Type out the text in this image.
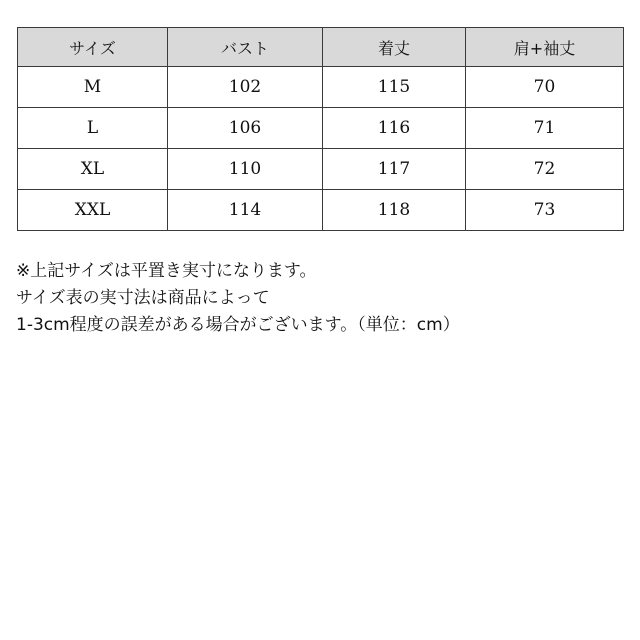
サイズ	バスト	着丈	肩+袖丈
M	102	115	70
L	106	116	71
XL	110	117	72
XXL	114	118	73
※上記サイズは平置き実寸になります。
サイズ表の実寸法は商品によって
1-3cm程度の誤差がある場合がございます。（単位：cm）
